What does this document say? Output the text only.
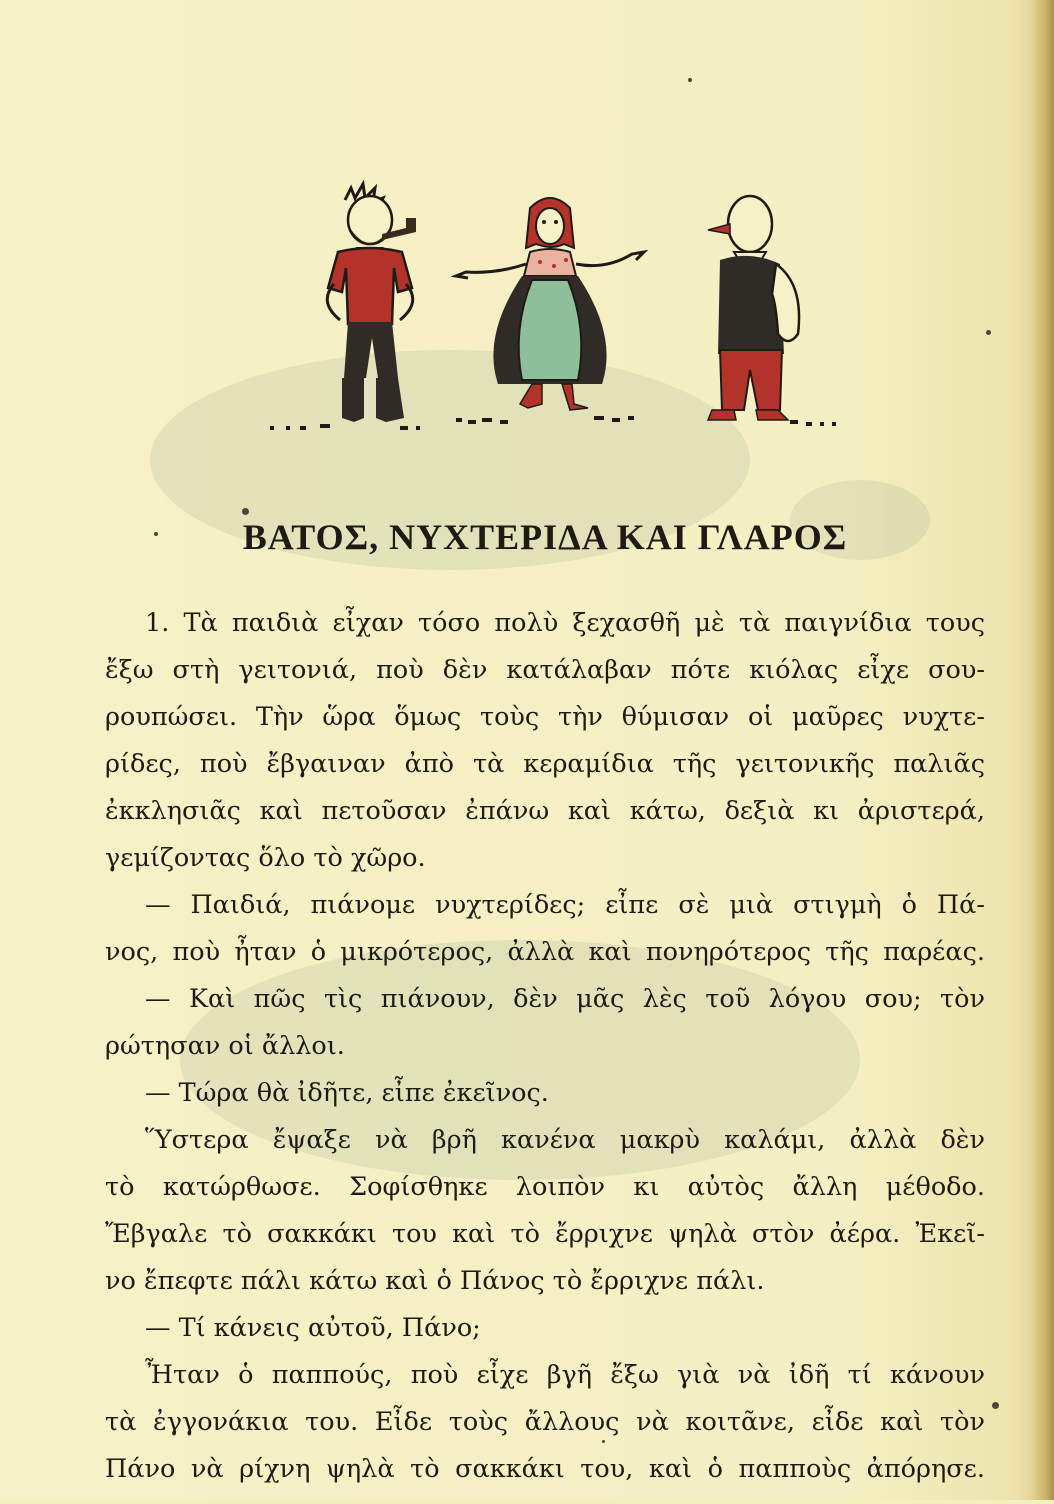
ΒΑΤΟΣ, ΝΥΧΤΕΡΙΔΑ ΚΑΙ ΓΛΑΡΟΣ

1. Τὰ παιδιὰ εἶχαν τόσο πολὺ ξεχασθῆ μὲ τὰ παιγνίδια τους

ἔξω στὴ γειτονιά, ποὺ δὲν κατάλαβαν πότε κιόλας εἶχε σου-

ρουπώσει. Τὴν ὥρα ὅμως τοὺς τὴν θύμισαν οἱ μαῦρες νυχτε-

ρίδες, ποὺ ἔβγαιναν ἀπὸ τὰ κεραμίδια τῆς γειτονικῆς παλιᾶς

ἐκκλησιᾶς καὶ πετοῦσαν ἐπάνω καὶ κάτω, δεξιὰ κι ἀριστερά,

γεμίζοντας ὅλο τὸ χῶρο.

— Παιδιά, πιάνομε νυχτερίδες; εἶπε σὲ μιὰ στιγμὴ ὁ Πά-

νος, ποὺ ἦταν ὁ μικρότερος, ἀλλὰ καὶ πονηρότερος τῆς παρέας.

— Καὶ πῶς τὶς πιάνουν, δὲν μᾶς λὲς τοῦ λόγου σου; τὸν

ρώτησαν οἱ ἄλλοι.

— Τώρα θὰ ἰδῆτε, εἶπε ἐκεῖνος.

Ὕστερα ἔψαξε νὰ βρῆ κανένα μακρὺ καλάμι, ἀλλὰ δὲν

τὸ κατώρθωσε. Σοφίσθηκε λοιπὸν κι αὐτὸς ἄλλη μέθοδο.

Ἔβγαλε τὸ σακκάκι του καὶ τὸ ἔρριχνε ψηλὰ στὸν ἀέρα. Ἐκεῖ-

νο ἔπεφτε πάλι κάτω καὶ ὁ Πάνος τὸ ἔρριχνε πάλι.

— Τί κάνεις αὐτοῦ, Πάνο;

Ἦταν ὁ παππούς, ποὺ εἶχε βγῆ ἔξω γιὰ νὰ ἰδῆ τί κάνουν

τὰ ἐγγονάκια του. Εἶδε τοὺς ἄλλους νὰ κοιτᾶνε, εἶδε καὶ τὸν

Πάνο νὰ ρίχνη ψηλὰ τὸ σακκάκι του, καὶ ὁ παπποὺς ἀπόρησε.
